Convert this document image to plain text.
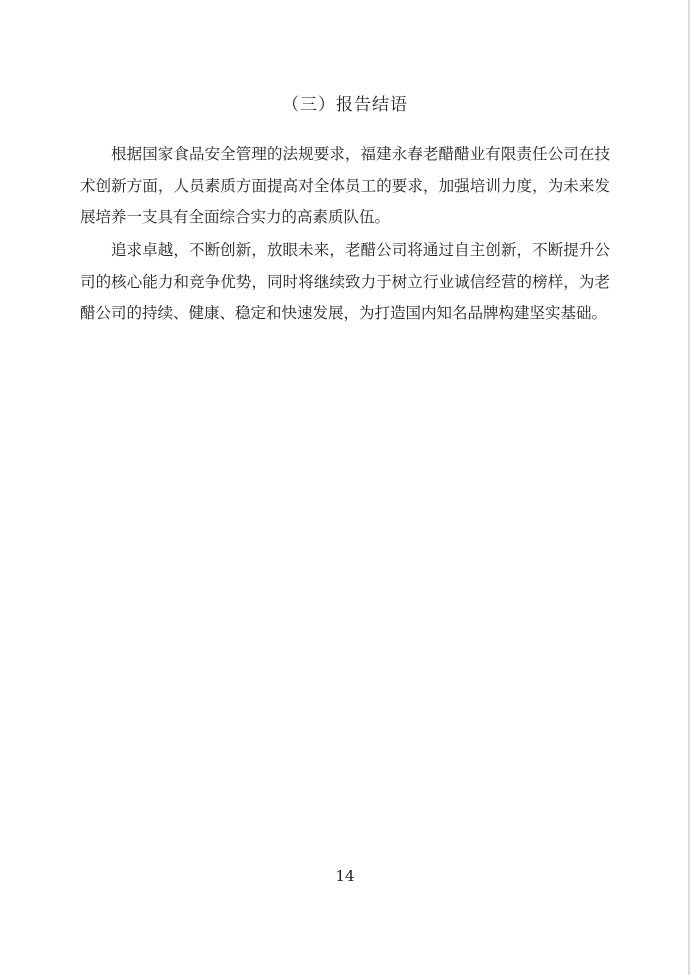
（三）报告结语

根据国家食品安全管理的法规要求，福建永春老醋醋业有限责任公司在技术创新方面，人员素质方面提高对全体员工的要求，加强培训力度，为未来发展培养一支具有全面综合实力的高素质队伍。

追求卓越，不断创新，放眼未来，老醋公司将通过自主创新，不断提升公司的核心能力和竞争优势，同时将继续致力于树立行业诚信经营的榜样，为老醋公司的持续、健康、稳定和快速发展，为打造国内知名品牌构建坚实基础。

14
